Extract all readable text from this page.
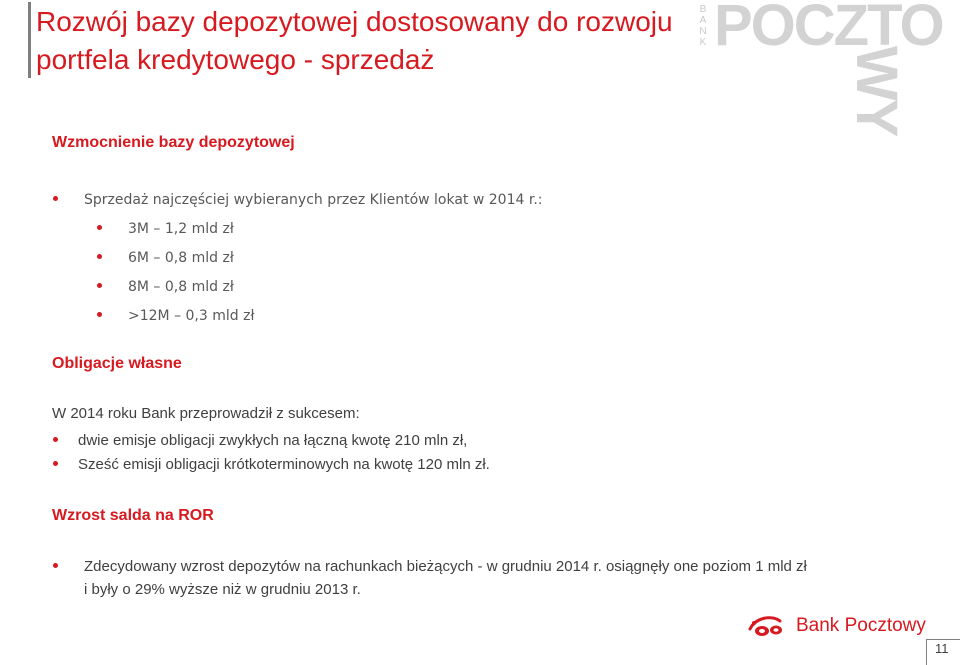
Rozwój bazy depozytowej dostosowany do rozwoju portfela kredytowego - sprzedaż
B
A
N
K POCZTO
WY
Wzmocnienie bazy depozytowej
Sprzedaż najczęściej wybieranych przez Klientów lokat w 2014 r.:
3M – 1,2 mld zł
6M – 0,8 mld zł
8M – 0,8 mld zł
>12M – 0,3 mld zł
Obligacje własne
W 2014 roku Bank przeprowadził z sukcesem:
dwie emisje obligacji zwykłych na łączną kwotę 210 mln zł,
Sześć emisji obligacji krótkoterminowych na kwotę 120 mln zł.
Wzrost salda na ROR
Zdecydowany wzrost depozytów na rachunkach bieżących - w grudniu 2014 r. osiągnęły one poziom 1 mld zł
i były o 29% wyższe niż w grudniu 2013 r.
Bank Pocztowy
11
